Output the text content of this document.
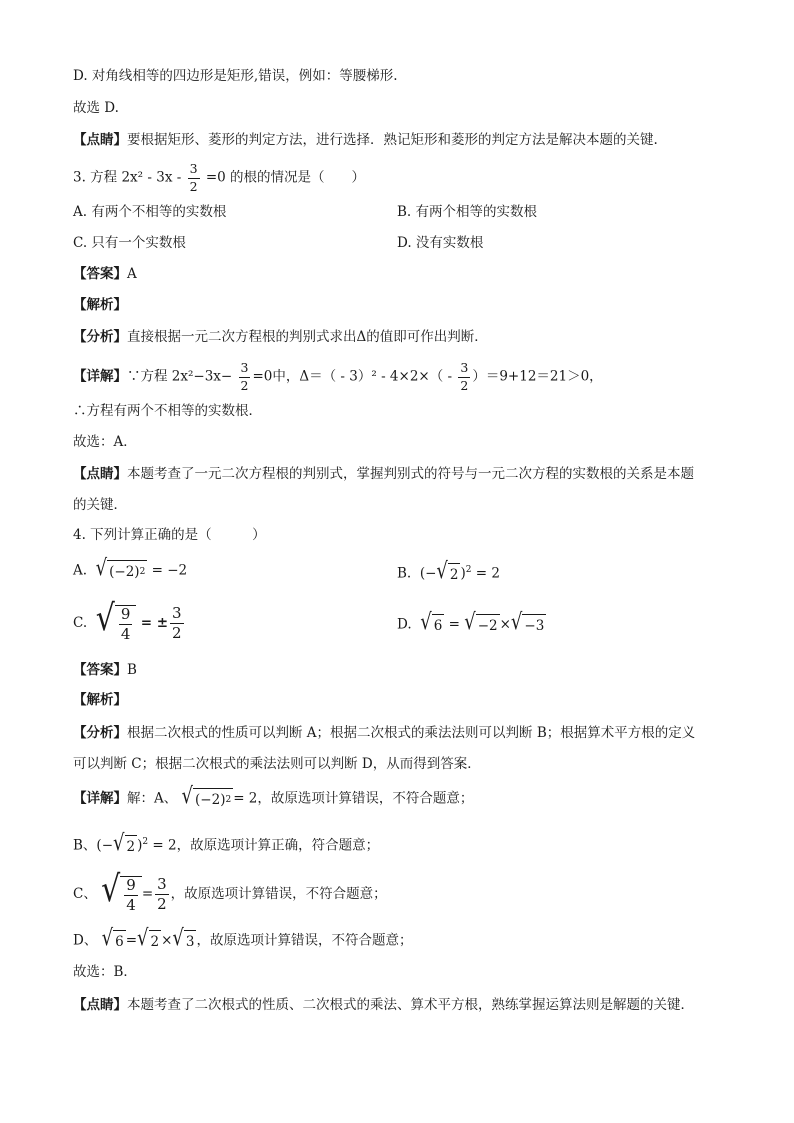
D. 对角线相等的四边形是矩形,错误，例如：等腰梯形.
故选 D.
【点睛】要根据矩形、菱形的判定方法，进行选择．熟记矩形和菱形的判定方法是解决本题的关键.
3. 方程 $2x^2 - 3x - \frac{3}{2} =0$ 的根的情况是（　　）
A. 有两个不相等的实数根	B. 有两个相等的实数根
C. 只有一个实数根	D. 没有实数根
【答案】A
【解析】
【分析】直接根据一元二次方程根的判别式求出Δ的值即可作出判断．
【详解】∵方程 $2x^2-3x- \frac{3}{2} =0$中，$\Delta=( - 3)^2 - 4\times 2\times( - \frac{3}{2} )=9+12=21>0$，
∴方程有两个不相等的实数根．
故选：A．
【点睛】本题考查了一元二次方程根的判别式，掌握判别式的符号与一元二次方程的实数根的关系是本题
的关键．
4. 下列计算正确的是（　　　）
A. √ (−2) 2 = −2	B. (− √ 2 )$^2$ = 2
C. √ $\frac{9}{4}$ = ± $\frac{3}{2}$	D. √ 6 = √ −2 × √ −3
【答案】B
【解析】
【分析】根据二次根式的性质可以判断 A；根据二次根式的乘法法则可以判断 B；根据算术平方根的定义
可以判断 C；根据二次根式的乘法法则可以判断 D，从而得到答案．
【详解】解：A、 √ (−2) 2 = 2，故原选项计算错误，不符合题意；
B、(− √ 2 )$^2$ = 2，故原选项计算正确，符合题意；
C、 √ $\frac{9}{4} = \frac{3}{2}$ ，故原选项计算错误，不符合题意；
D、 √ 6 = √ 2 × √ 3 ，故原选项计算错误，不符合题意；
故选：B．
【点睛】本题考查了二次根式的性质、二次根式的乘法、算术平方根，熟练掌握运算法则是解题的关键．
